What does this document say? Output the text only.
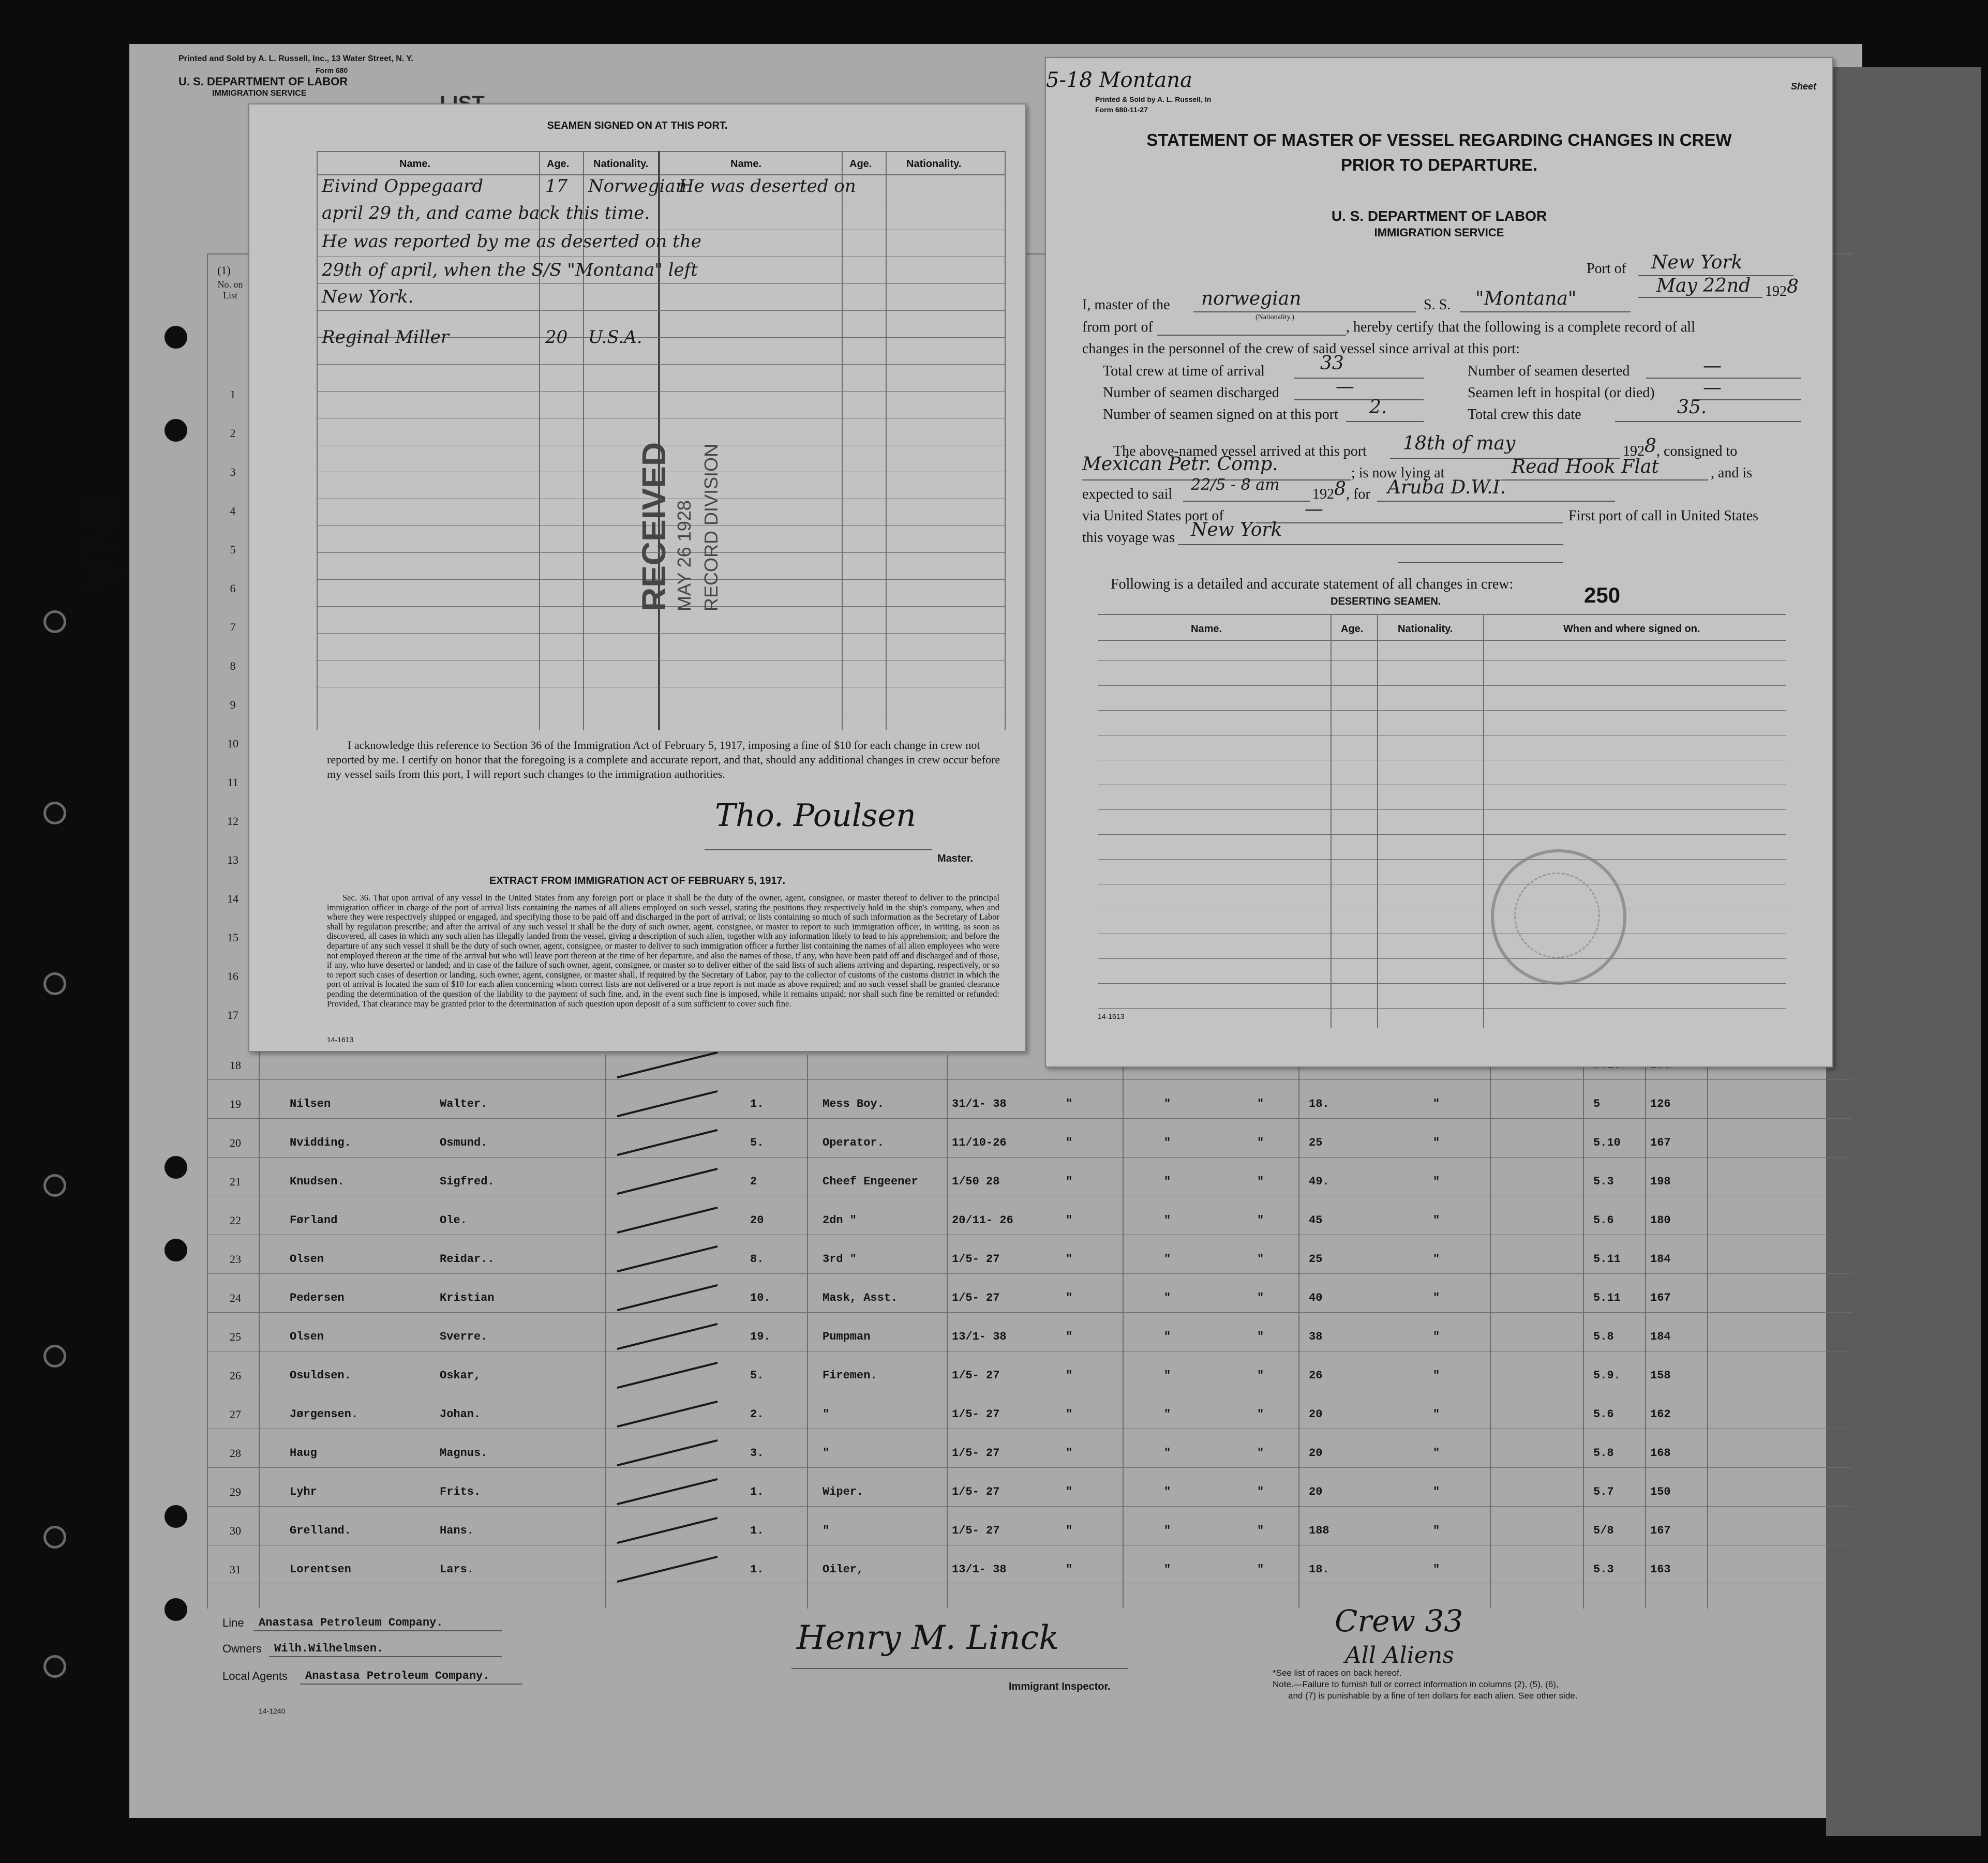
Printed and Sold by A. L. Russell, Inc., 13 Water Street, N. Y.
Form 680
U. S. DEPARTMENT OF LABOR
IMMIGRATION SERVICE
(1)
No. on List
1
2
3
4
5
6
7
8
9
10
11
12
13
14
15
16
17
18
19	Nilsen	Walter.	1.	Mess Boy.	31/1- 38	"	"	"	18.	"	5	126
20	Nvidding.	Osmund.	5.	Operator.	11/10-26	"	"	"	25	"	5.10	167
21	Knudsen.	Sigfred.	2	Cheef Engeener	1/50 28	"	"	"	49.	"	5.3	198
22	Førland	Ole.	20	2dn "	20/11- 26	"	"	"	45	"	5.6	180
23	Olsen	Reidar..	8.	3rd "	1/5- 27	"	"	"	25	"	5.11	184
24	Pedersen	Kristian	10.	Mask, Asst.	1/5- 27	"	"	"	40	"	5.11	167
25	Olsen	Sverre.	19.	Pumpman	13/1- 38	"	"	"	38	"	5.8	184
26	Osuldsen.	Oskar,	5.	Firemen.	1/5- 27	"	"	"	26	"	5.9.	158
27	Jørgensen.	Johan.	2.	"	1/5- 27	"	"	"	20	"	5.6	162
28	Haug	Magnus.	3.	"	1/5- 27	"	"	"	20	"	5.8	168
29	Lyhr	Frits.	1.	Wiper.	1/5- 27	"	"	"	20	"	5.7	150
30	Grelland.	Hans.	1.	"	1/5- 27	"	"	"	188	"	5/8	167
31	Lorentsen	Lars.	1.	Oiler,	13/1- 38	"	"	"	18.	"	5.3	163
INA
Line Anastasa Petroleum Company.
Owners Wilh.Wilhelmsen.
Local Agents Anastasa Petroleum Company.
14-1240
Henry M. Linck
Immigrant Inspector.
Crew 33
All Aliens
*See list of races on back hereof.
Note.—Failure to furnish full or correct information in columns (2), (5), (6),
and (7) is punishable by a fine of ten dollars for each alien. See other side.
SEAMEN SIGNED ON AT THIS PORT.
Name.	Age. Nationality.	Name.	Age.	Nationality.
Eivind Oppegaard	17 Norwegian
He was deserted on
april 29 th, and came back this time.
He was reported by me as deserted on the
29th of april, when the S/S "Montana" left
New York.
Reginal Miller	20 U.S.A.
RECEIVED MAY 26 1928 RECORD DIVISION
I acknowledge this reference to Section 36 of the Immigration Act of February 5, 1917, imposing a fine of $10 for each change in crew not reported by me. I certify on honor that the foregoing is a complete and accurate report, and that, should any additional changes in crew occur before my vessel sails from this port, I will report such changes to the immigration authorities.
Tho. Poulsen
Master.
EXTRACT FROM IMMIGRATION ACT OF FEBRUARY 5, 1917.
Sec. 36. That upon arrival of any vessel in the United States from any foreign port or place it shall be the duty of the owner, agent, consignee, or master thereof to deliver to the principal immigration officer in charge of the port of arrival lists containing the names of all aliens employed on such vessel, stating the positions they respectively hold in the ship's company, when and where they were respectively shipped or engaged, and specifying those to be paid off and discharged in the port of arrival; or lists containing so much of such information as the Secretary of Labor shall by regulation prescribe; and after the arrival of any such vessel it shall be the duty of such owner, agent, consignee, or master to report to such immigration officer, in writing, as soon as discovered, all cases in which any such alien has illegally landed from the vessel, giving a description of such alien, together with any information likely to lead to his apprehension; and before the departure of any such vessel it shall be the duty of such owner, agent, consignee, or master to deliver to such immigration officer a further list containing the names of all alien employees who were not employed thereon at the time of the arrival but who will leave port thereon at the time of her departure, and also the names of those, if any, who have been paid off and discharged and of those, if any, who have deserted or landed; and in case of the failure of such owner, agent, consignee, or master so to deliver either of the said lists of such aliens arriving and departing, respectively, or so to report such cases of desertion or landing, such owner, agent, consignee, or master shall, if required by the Secretary of Labor, pay to the collector of customs of the customs district in which the port of arrival is located the sum of $10 for each alien concerning whom correct lists are not delivered or a true report is not made as above required; and no such vessel shall be granted clearance pending the determination of the question of the liability to the payment of such fine, and, in the event such fine is imposed, while it remains unpaid; nor shall such fine be remitted or refunded: Provided, That clearance may be granted prior to the determination of such question upon deposit of a sum sufficient to cover such fine.
14-1613
5-18 Montana
Printed & Sold by A. L. Russell, In
Form 680-11-27
Sheet
STATEMENT OF MASTER OF VESSEL REGARDING CHANGES IN CREW
PRIOR TO DEPARTURE.
U. S. DEPARTMENT OF LABOR
IMMIGRATION SERVICE
Port of New York
May 22nd 192 8
I, master of the norwegian
(Nationality.)
S. S. "Montana"
from port of	, hereby certify that the following is a complete record of all
changes in the personnel of the crew of said vessel since arrival at this port:
Total crew at time of arrival	33	Number of seamen deserted	—
Number of seamen discharged	—	Seamen left in hospital (or died)	—
Number of seamen signed on at this port 2.	Total crew this date	35.
The above-named vessel arrived at this port 18th of may	192 8 , consigned to
Mexican Petr. Comp.	; is now lying at	Read Hook Flat	, and is
expected to sail
22/5 - 8 am
192 8 , for Aruba D.W.I.
via United States port of	—	First port of call in United States
this voyage was New York
Following is a detailed and accurate statement of all changes in crew:
DESERTING SEAMEN.	250
Name.	Age.	Nationality.	When and where signed on.
14-1613
